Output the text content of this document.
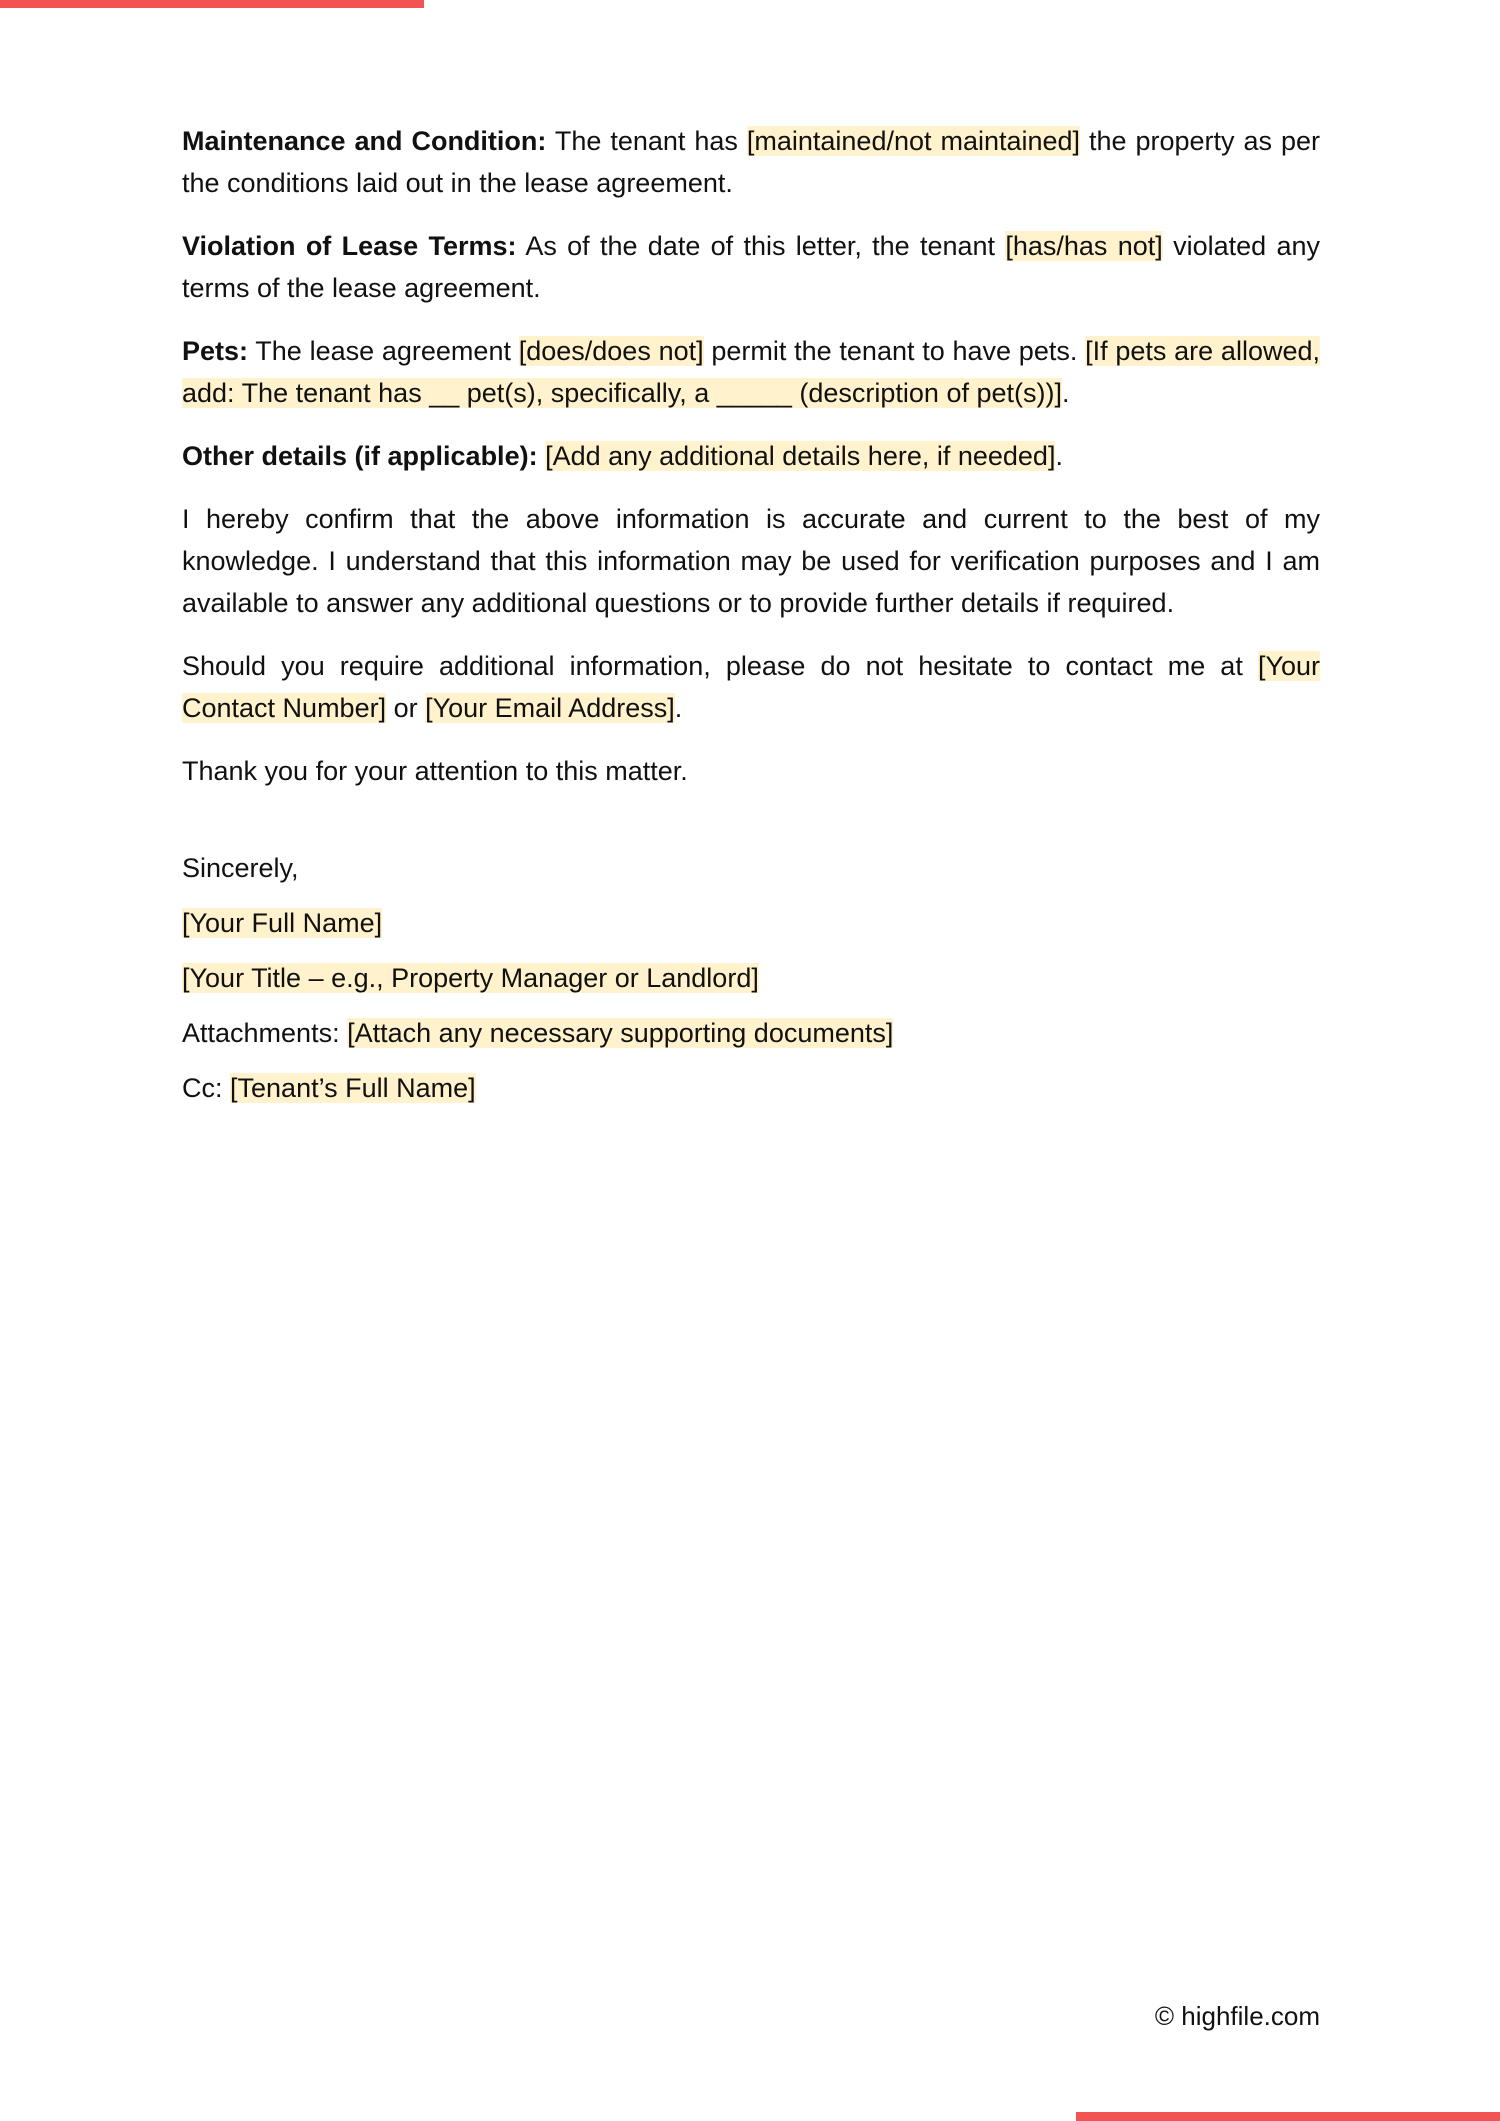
Maintenance and Condition: The tenant has [maintained/not maintained] the property as per the conditions laid out in the lease agreement.

Violation of Lease Terms: As of the date of this letter, the tenant [has/has not] violated any terms of the lease agreement.

Pets: The lease agreement [does/does not] permit the tenant to have pets. [If pets are allowed, add: The tenant has __ pet(s), specifically, a _____ (description of pet(s))].

Other details (if applicable): [Add any additional details here, if needed].

I hereby confirm that the above information is accurate and current to the best of my knowledge. I understand that this information may be used for verification purposes and I am available to answer any additional questions or to provide further details if required.

Should you require additional information, please do not hesitate to contact me at [Your Contact Number] or [Your Email Address].

Thank you for your attention to this matter.

Sincerely,

[Your Full Name]

[Your Title – e.g., Property Manager or Landlord]

Attachments: [Attach any necessary supporting documents]

Cc: [Tenant’s Full Name]

© highfile.com
